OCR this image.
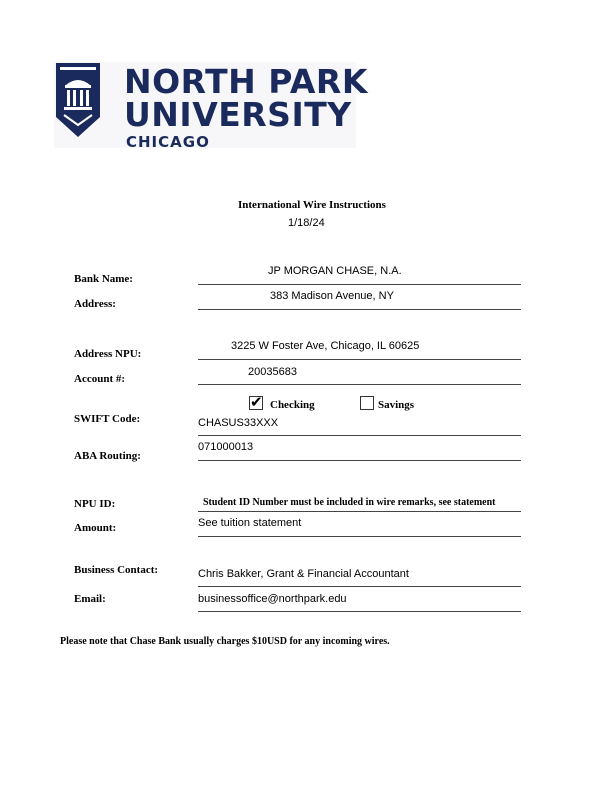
NORTH PARK
UNIVERSITY
CHICAGO
International Wire Instructions
1/18/24
Bank Name:
JP MORGAN CHASE, N.A.
Address:
383 Madison Avenue, NY
Address NPU:
3225 W Foster Ave, Chicago, IL 60625
Account #:
20035683
✔ Checking	Savings
SWIFT Code:	CHASUS33XXX
ABA Routing:
071000013
NPU ID:	Student ID Number must be included in wire remarks, see statement
Amount:	See tuition statement
Business Contact:	Chris Bakker, Grant & Financial Accountant
Email:	businessoffice@northpark.edu
Please note that Chase Bank usually charges $10USD for any incoming wires.
